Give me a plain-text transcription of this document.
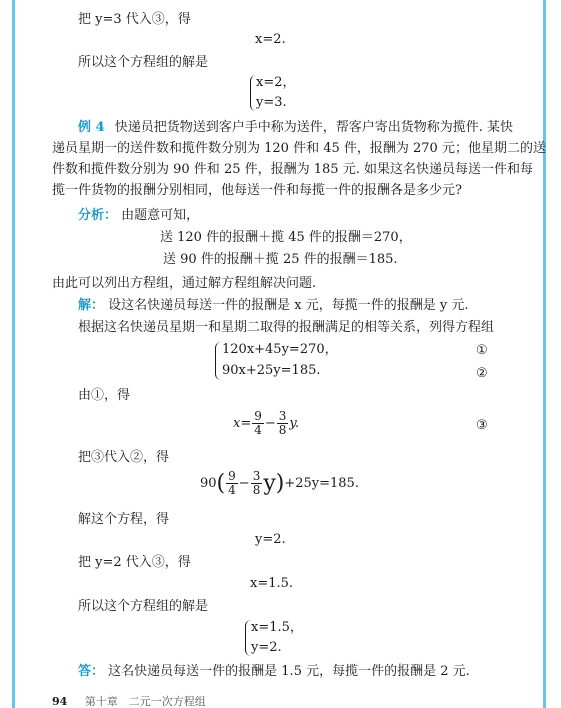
把 y=3 代入③，得
x=2.
所以这个方程组的解是
x=2，
y=3.
例 4 快递员把货物送到客户手中称为送件，帮客户寄出货物称为揽件. 某快
递员星期一的送件数和揽件数分别为 120 件和 45 件，报酬为 270 元；他星期二的送
件数和揽件数分别为 90 件和 25 件，报酬为 185 元. 如果这名快递员每送一件和每
揽一件货物的报酬分别相同，他每送一件和每揽一件的报酬各是多少元?
分析： 由题意可知，
送 120 件的报酬＋揽 45 件的报酬＝270，
送 90 件的报酬＋揽 25 件的报酬＝185.
由此可以列出方程组，通过解方程组解决问题.
解： 设这名快递员每送一件的报酬是 x 元，每揽一件的报酬是 y 元.
根据这名快递员星期一和星期二取得的报酬满足的相等关系，列得方程组
120x+45y=270，
90x+25y=185.
①
②
由①，得
$x= \frac{9}{4} - \frac{3}{8} y$.	③
把③代入②，得
90 ( $\frac{9}{4} - \frac{3}{8} y) +25y=185$.
解这个方程，得
y=2.
把 y=2 代入③，得
x=1.5.
所以这个方程组的解是
x=1.5，
y=2.
答： 这名快递员每送一件的报酬是 1.5 元，每揽一件的报酬是 2 元.
94 第十章　二元一次方程组
